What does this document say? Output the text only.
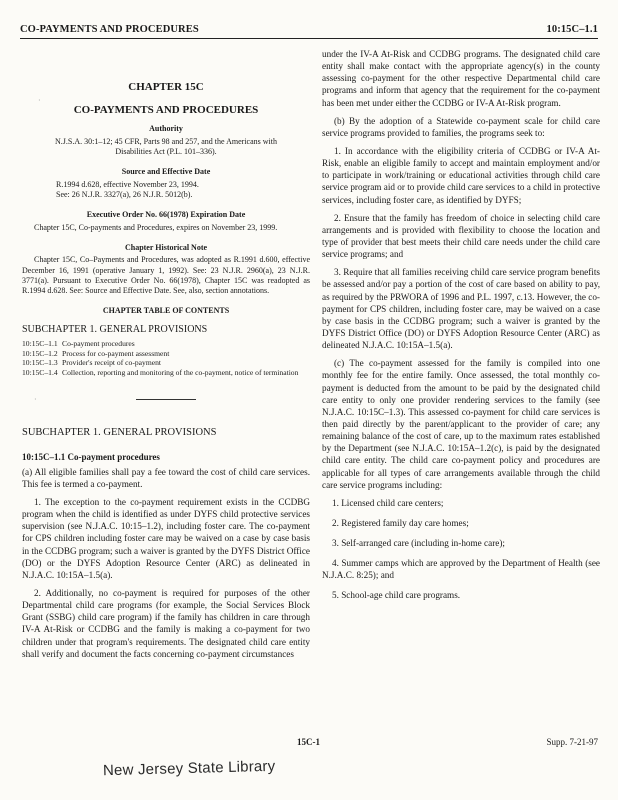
CO-PAYMENTS AND PROCEDURES	10:15C–1.1
·
·
CHAPTER 15C
CO-PAYMENTS AND PROCEDURES
Authority

N.J.S.A. 30:1–12; 45 CFR, Parts 98 and 257, and the Americans with Disabilities Act (P.L. 101–336).

Source and Effective Date
R.1994 d.628, effective November 23, 1994.
See: 26 N.J.R. 3327(a), 26 N.J.R. 5012(b).
Executive Order No. 66(1978) Expiration Date

Chapter 15C, Co-payments and Procedures, expires on November 23, 1999.

Chapter Historical Note

Chapter 15C, Co–Payments and Procedures, was adopted as R.1991 d.600, effective December 16, 1991 (operative January 1, 1992). See: 23 N.J.R. 2960(a), 23 N.J.R. 3771(a). Pursuant to Executive Order No. 66(1978), Chapter 15C was readopted as R.1994 d.628. See: Source and Effective Date. See, also, section annotations.

CHAPTER TABLE OF CONTENTS
SUBCHAPTER 1. GENERAL PROVISIONS
10:15C–1.1 Co-payment procedures
10:15C–1.2 Process for co-payment assessment
10:15C–1.3 Provider's receipt of co-payment
10:15C–1.4 Collection, reporting and monitoring of the co-payment, notice of termination
SUBCHAPTER 1. GENERAL PROVISIONS
10:15C–1.1 Co-payment procedures

(a) All eligible families shall pay a fee toward the cost of child care services. This fee is termed a co-payment.

1. The exception to the co-payment requirement exists in the CCDBG program when the child is identified as under DYFS child protective services supervision (see N.J.A.C. 10:15–1.2), including foster care. The co-payment for CPS children including foster care may be waived on a case by case basis in the CCDBG program; such a waiver is granted by the DYFS District Office (DO) or the DYFS Adoption Resource Center (ARC) as delineated in N.J.A.C. 10:15A–1.5(a).

2. Additionally, no co-payment is required for purposes of the other Departmental child care programs (for example, the Social Services Block Grant (SSBG) child care program) if the family has children in care through IV-A At-Risk or CCDBG and the family is making a co-payment for two children under that program's requirements. The designated child care entity shall verify and document the facts concerning co-payment circumstances

under the IV-A At-Risk and CCDBG programs. The designated child care entity shall make contact with the appropriate agency(s) in the county assessing co-payment for the other respective Departmental child care programs and inform that agency that the requirement for the co-payment has been met under either the CCDBG or IV-A At-Risk program.

(b) By the adoption of a Statewide co-payment scale for child care service programs provided to families, the programs seek to:

1. In accordance with the eligibility criteria of CCDBG or IV-A At-Risk, enable an eligible family to accept and maintain employment and/or to participate in work/training or educational activities through child care service program aid or to provide child care services to a child in protective services, including foster care, as identified by DYFS;

2. Ensure that the family has freedom of choice in selecting child care arrangements and is provided with flexibility to choose the location and type of provider that best meets their child care needs under the child care service programs; and

3. Require that all families receiving child care service program benefits be assessed and/or pay a portion of the cost of care based on ability to pay, as required by the PRWORA of 1996 and P.L. 1997, c.13. However, the co-payment for CPS children, including foster care, may be waived on a case by case basis in the CCDBG program; such a waiver is granted by the DYFS District Office (DO) or DYFS Adoption Resource Center (ARC) as delineated N.J.A.C. 10:15A–1.5(a).

(c) The co-payment assessed for the family is compiled into one monthly fee for the entire family. Once assessed, the total monthly co-payment is deducted from the amount to be paid by the designated child care entity to only one provider rendering services to the family (see N.J.A.C. 10:15C–1.3). This assessed co-payment for child care services is then paid directly by the parent/applicant to the provider of care; any remaining balance of the cost of care, up to the maximum rates established by the Department (see N.J.A.C. 10:15A–1.2(c), is paid by the designated child care entity. The child care co-payment policy and procedures are applicable for all types of care arrangements available through the child care service programs including:

1. Licensed child care centers;

2. Registered family day care homes;

3. Self-arranged care (including in-home care);

4. Summer camps which are approved by the Department of Health (see N.J.A.C. 8:25); and

5. School-age child care programs.

15C-1	Supp. 7-21-97
New Jersey State Library
